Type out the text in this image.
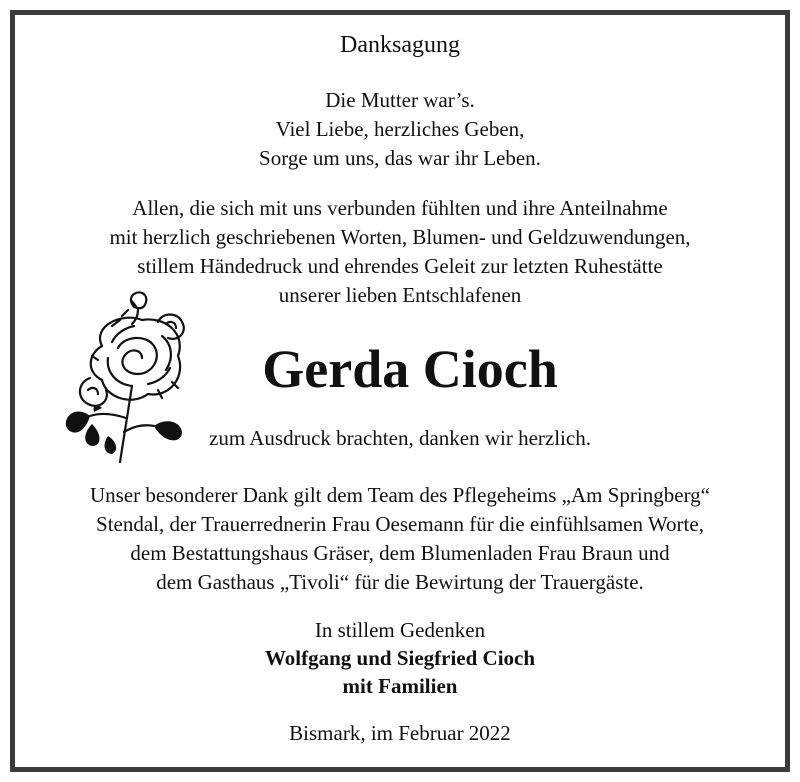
Danksagung
Die Mutter war’s.
Viel Liebe, herzliches Geben,
Sorge um uns, das war ihr Leben.
Allen, die sich mit uns verbunden fühlten und ihre Anteilnahme
mit herzlich geschriebenen Worten, Blumen- und Geldzuwendungen,
stillem Händedruck und ehrendes Geleit zur letzten Ruhestätte
unserer lieben Entschlafenen
Gerda Cioch
zum Ausdruck brachten, danken wir herzlich.
Unser besonderer Dank gilt dem Team des Pflegeheims „Am Springberg“
Stendal, der Trauerrednerin Frau Oesemann für die einfühlsamen Worte,
dem Bestattungshaus Gräser, dem Blumenladen Frau Braun und
dem Gasthaus „Tivoli“ für die Bewirtung der Trauergäste.
In stillem Gedenken
Wolfgang und Siegfried Cioch
mit Familien
Bismark, im Februar 2022
